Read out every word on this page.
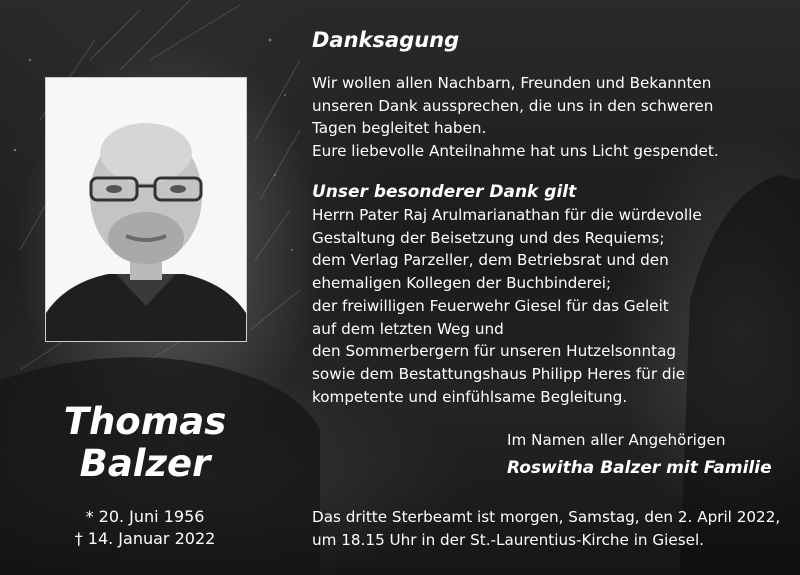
Thomas
Balzer
* 20. Juni 1956
† 14. Januar 2022
Danksagung
Wir wollen allen Nachbarn, Freunden und Bekannten
unseren Dank aussprechen, die uns in den schweren
Tagen begleitet haben.
Eure liebevolle Anteilnahme hat uns Licht gespendet.
Unser besonderer Dank gilt
Herrn Pater Raj Arulmarianathan für die würdevolle
Gestaltung der Beisetzung und des Requiems;
dem Verlag Parzeller, dem Betriebsrat und den
ehemaligen Kollegen der Buchbinderei;
der freiwilligen Feuerwehr Giesel für das Geleit
auf dem letzten Weg und
den Sommerbergern für unseren Hutzelsonntag
sowie dem Bestattungshaus Philipp Heres für die
kompetente und einfühlsame Begleitung.
Im Namen aller Angehörigen
Roswitha Balzer mit Familie
Das dritte Sterbeamt ist morgen, Samstag, den 2. April 2022,
um 18.15 Uhr in der St.-Laurentius-Kirche in Giesel.
